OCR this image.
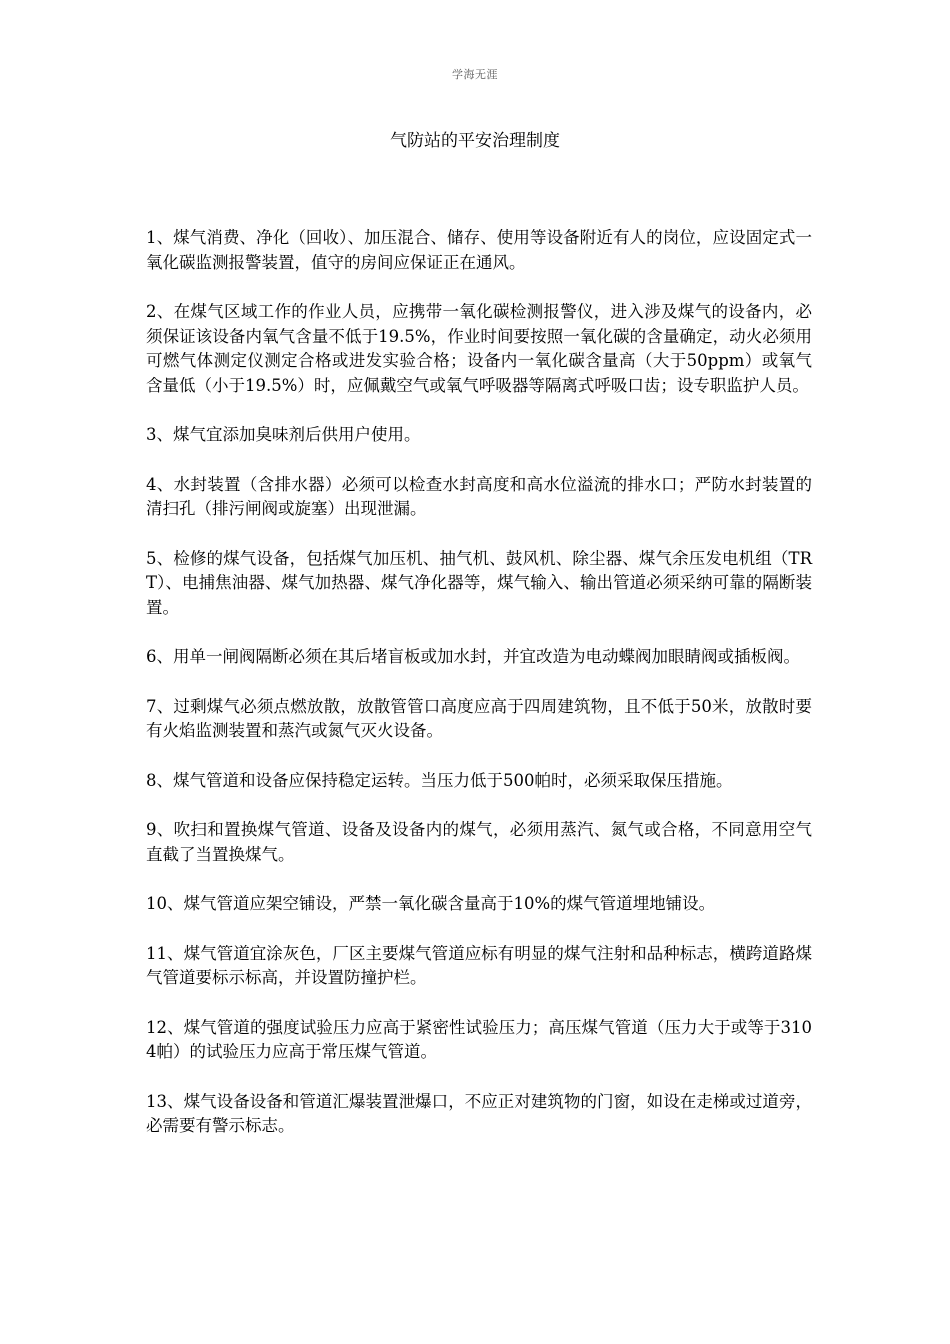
学海无涯
气防站的平安治理制度

1、煤气消费、净化（回收）、加压混合、储存、使用等设备附近有人的岗位，应设固定式一氧化碳监测报警装置，值守的房间应保证正在通风。

2、在煤气区域工作的作业人员，应携带一氧化碳检测报警仪，进入涉及煤气的设备内，必须保证该设备内氧气含量不低于19.5%，作业时间要按照一氧化碳的含量确定，动火必须用可燃气体测定仪测定合格或进发实验合格；设备内一氧化碳含量高（大于50ppm）或氧气含量低（小于19.5%）时，应佩戴空气或氧气呼吸器等隔离式呼吸口齿；设专职监护人员。

3、煤气宜添加臭味剂后供用户使用。

4、水封装置（含排水器）必须可以检查水封高度和高水位溢流的排水口；严防水封装置的清扫孔（排污闸阀或旋塞）出现泄漏。

5、检修的煤气设备，包括煤气加压机、抽气机、鼓风机、除尘器、煤气余压发电机组（TRT）、电捕焦油器、煤气加热器、煤气净化器等，煤气输入、输出管道必须采纳可靠的隔断装置。

6、用单一闸阀隔断必须在其后堵盲板或加水封，并宜改造为电动蝶阀加眼睛阀或插板阀。

7、过剩煤气必须点燃放散，放散管管口高度应高于四周建筑物，且不低于50米，放散时要有火焰监测装置和蒸汽或氮气灭火设备。

8、煤气管道和设备应保持稳定运转。当压力低于500帕时，必须采取保压措施。

9、吹扫和置换煤气管道、设备及设备内的煤气，必须用蒸汽、氮气或合格，不同意用空气直截了当置换煤气。

10、煤气管道应架空铺设，严禁一氧化碳含量高于10%的煤气管道埋地铺设。

11、煤气管道宜涂灰色，厂区主要煤气管道应标有明显的煤气注射和品种标志，横跨道路煤气管道要标示标高，并设置防撞护栏。

12、煤气管道的强度试验压力应高于紧密性试验压力；高压煤气管道（压力大于或等于3104帕）的试验压力应高于常压煤气管道。

13、煤气设备设备和管道汇爆装置泄爆口，不应正对建筑物的门窗，如设在走梯或过道旁，必需要有警示标志。
